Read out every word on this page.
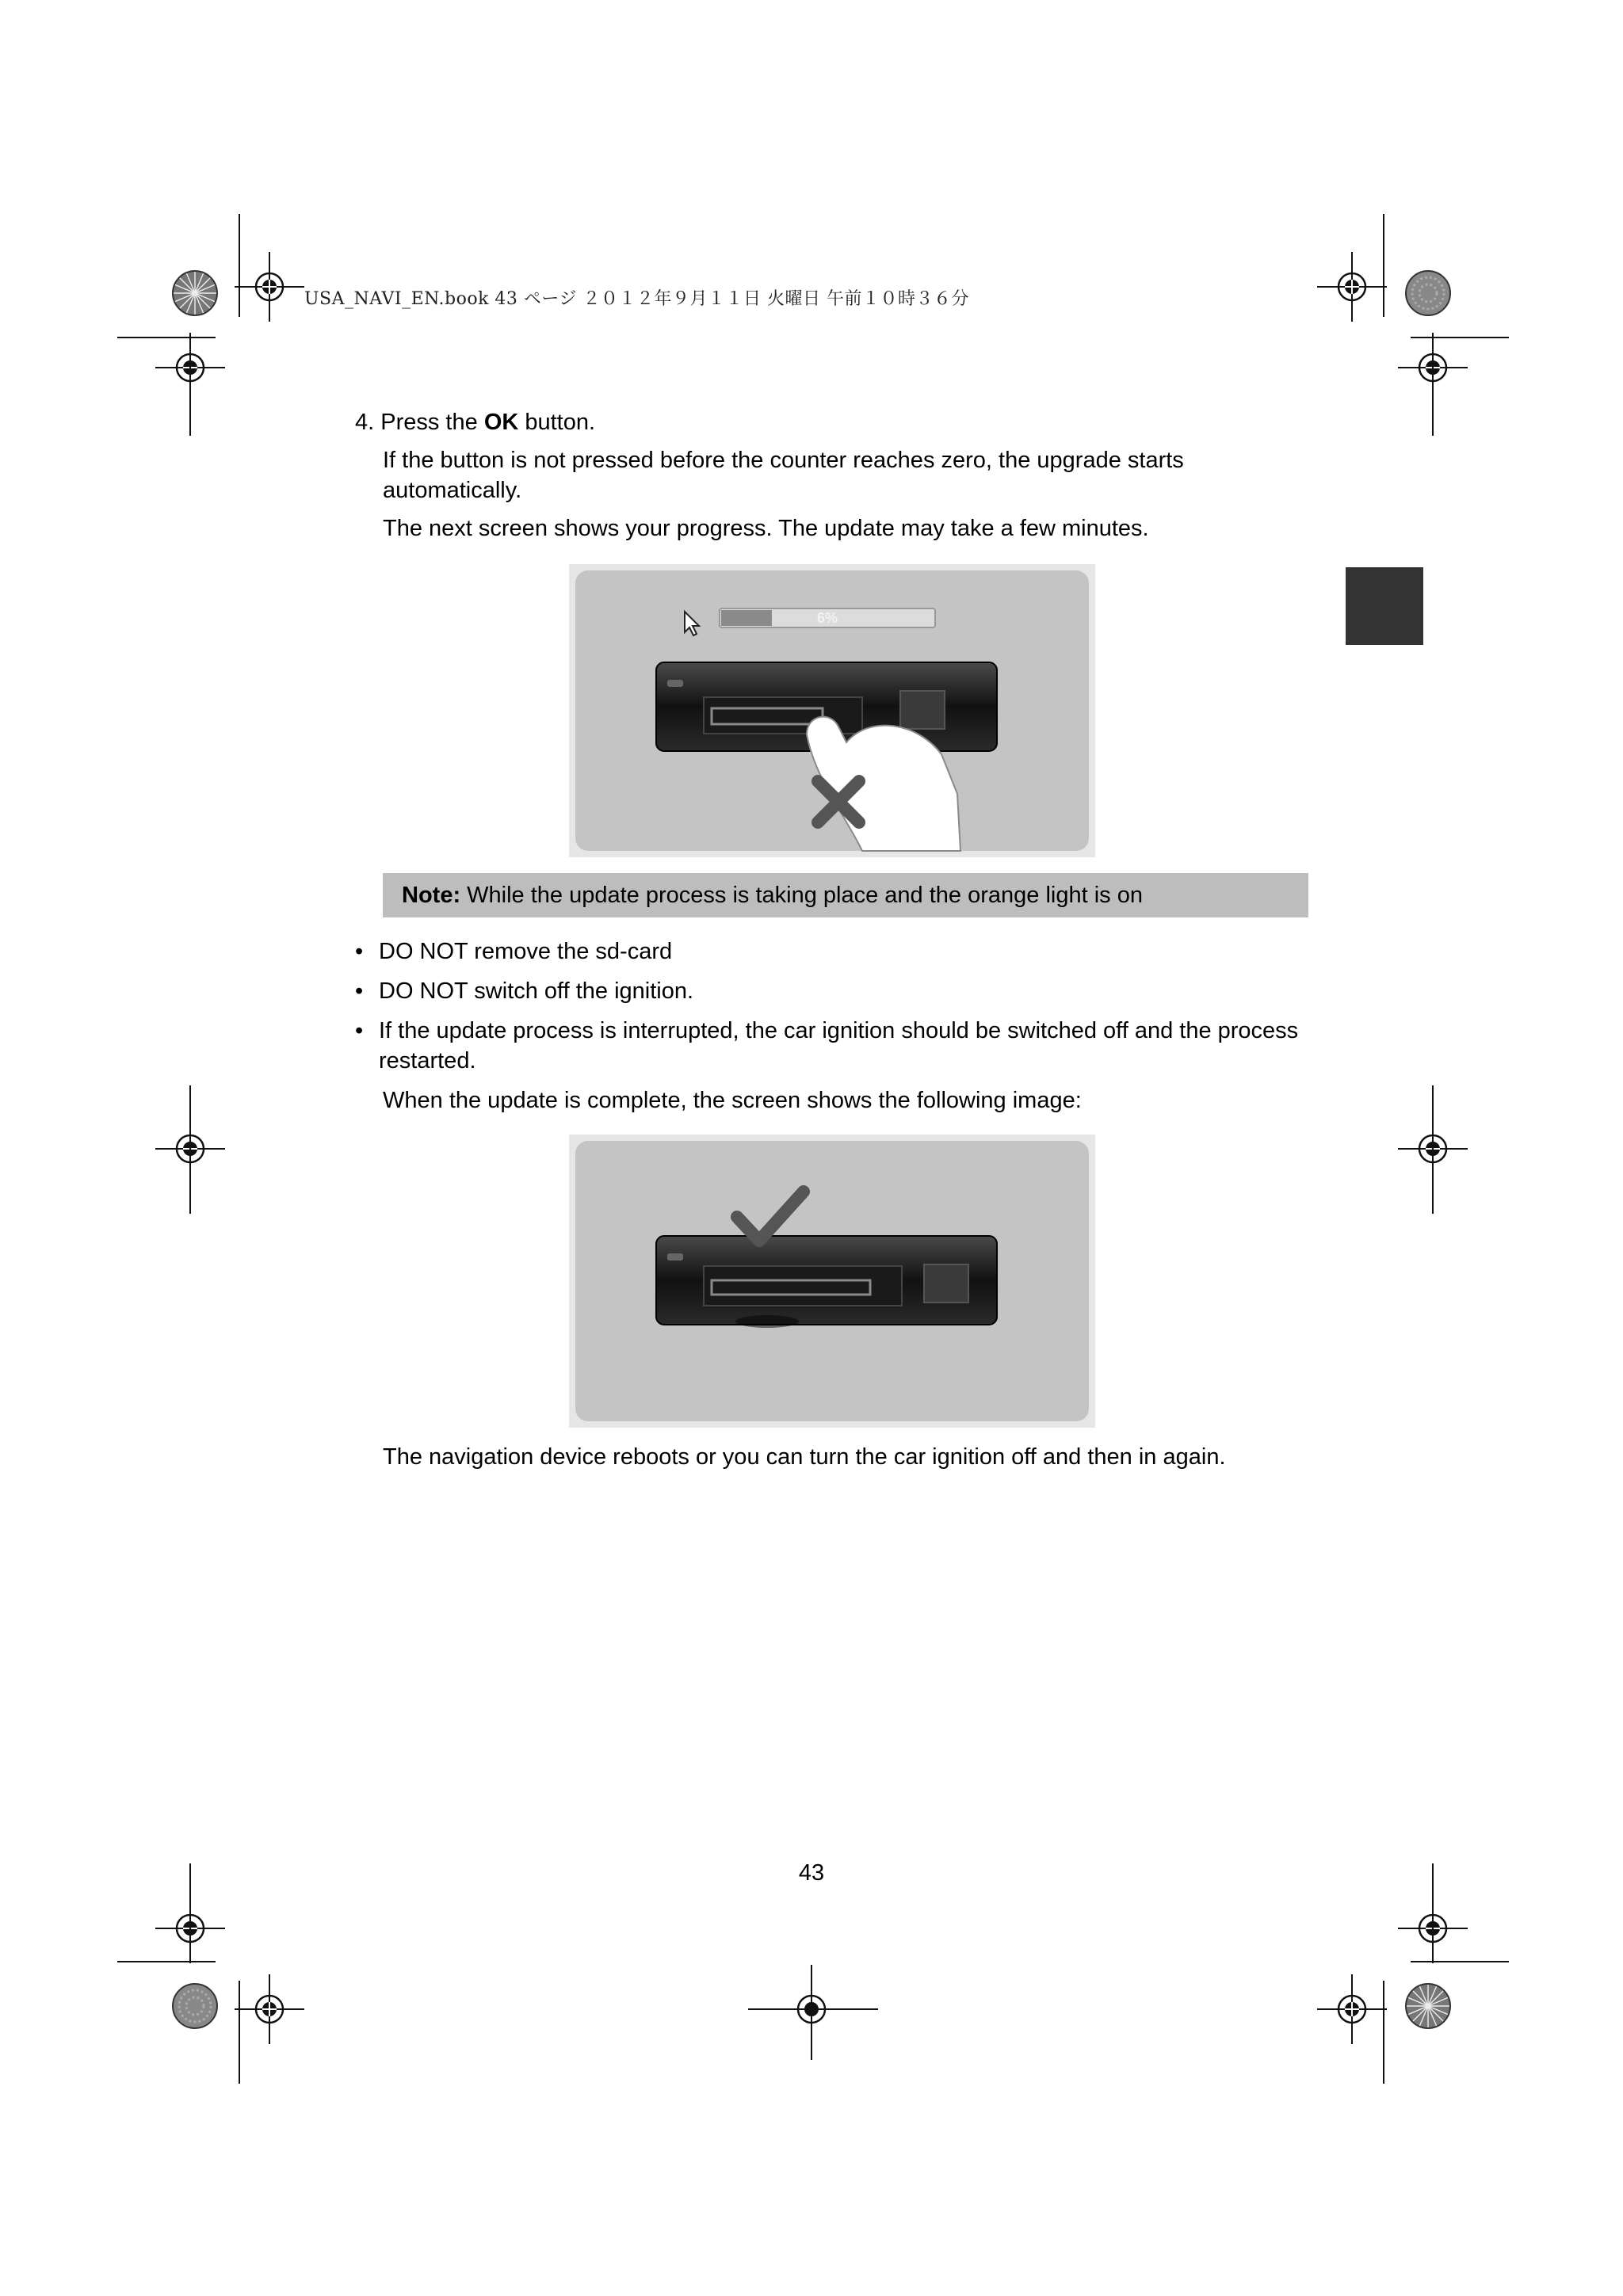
USA_NAVI_EN.book 43 ページ ２０１２年９月１１日 火曜日 午前１０時３６分
4. Press the OK button.
If the button is not pressed before the counter reaches zero, the upgrade starts automatically.
The next screen shows your progress. The update may take a few minutes.
6%
Note: While the update process is taking place and the orange light is on
• DO NOT remove the sd-card
• DO NOT switch off the ignition.
• If the update process is interrupted, the car ignition should be switched off and the process restarted.
When the update is complete, the screen shows the following image:
The navigation device reboots or you can turn the car ignition off and then in again.
43
